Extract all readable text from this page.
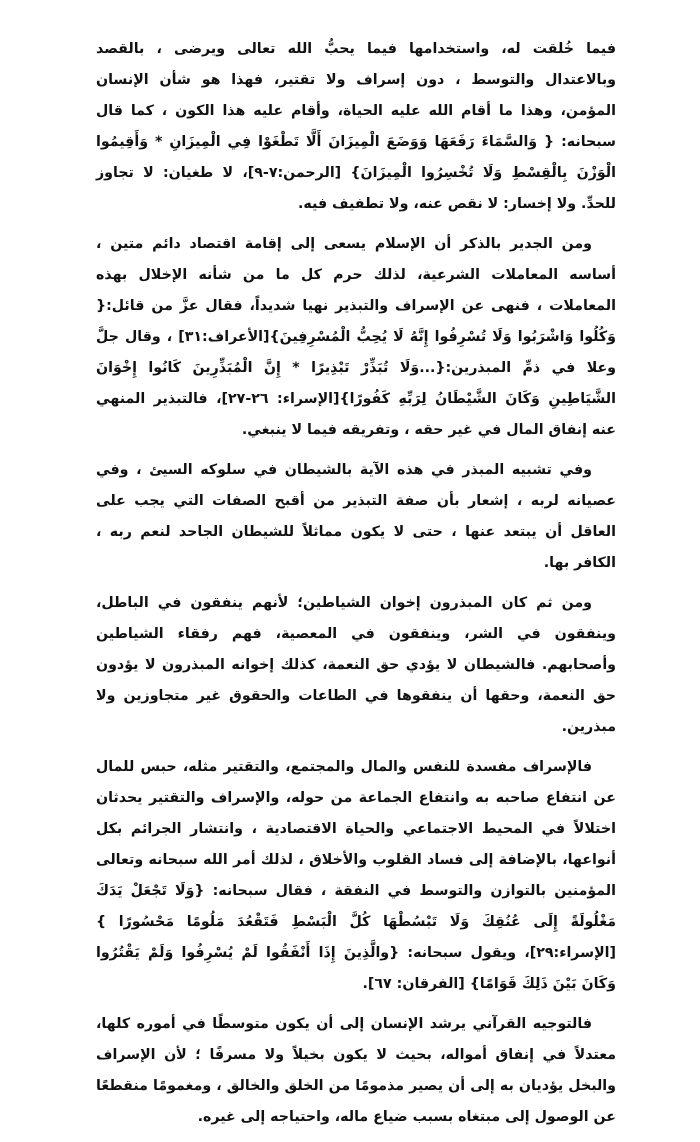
فيما خُلقت له، واستخدامها فيما يحبُّ الله تعالى ويرضى ، بالقصد وبالاعتدال والتوسط ، دون إسراف ولا تقتير، فهذا هو شأن الإنسان المؤمن، وهذا ما أقام الله عليه الحياة، وأقام عليه هذا الكون ، كما قال سبحانه: { وَالسَّمَاءَ رَفَعَهَا وَوَضَعَ الْمِيزَانَ أَلَّا تَطْغَوْا فِي الْمِيزَانِ * وَأَقِيمُوا الْوَزْنَ بِالْقِسْطِ وَلَا تُخْسِرُوا الْمِيزَانَ} [الرحمن:٧-٩]، لا طغيان: لا تجاوز للحدِّ. ولا إخسار: لا نقص عنه، ولا تطفيف فيه.

ومن الجدير بالذكر أن الإسلام يسعى إلى إقامة اقتصاد دائم متين ، أساسه المعاملات الشرعية، لذلك حرم كل ما من شأنه الإخلال بهذه المعاملات ، فنهى عن الإسراف والتبذير نهيا شديداً، فقال عزَّ من قائل:{ وَكُلُوا وَاشْرَبُوا وَلَا تُسْرِفُوا إِنَّهُ لَا يُحِبُّ الْمُسْرِفِينَ}[الأعراف:٣١] ، وقال جلَّ وعلا في ذمِّ المبذرين:{...وَلَا تُبَذِّرْ تَبْذِيرًا * إِنَّ الْمُبَذِّرِينَ كَانُوا إِخْوَانَ الشَّيَاطِينِ وَكَانَ الشَّيْطَانُ لِرَبِّهِ كَفُورًا}[الإسراء: ٢٦-٢٧]، فالتبذير المنهي عنه إنفاق المال في غير حقه ، وتفريقه فيما لا ينبغي.

وفي تشبيه المبذر في هذه الآية بالشيطان في سلوكه السيئ ، وفي عصيانه لربه ، إشعار بأن صفة التبذير من أقبح الصفات التي يجب على العاقل أن يبتعد عنها ، حتى لا يكون مماثلاً للشيطان الجاحد لنعم ربه ، الكافر بها.

ومن ثم كان المبذرون إخوان الشياطين؛ لأنهم ينفقون في الباطل، وينفقون في الشر، وينفقون في المعصية، فهم رفقاء الشياطين وأصحابهم. فالشيطان لا يؤدي حق النعمة، كذلك إخوانه المبذرون لا يؤدون حق النعمة، وحقها أن ينفقوها في الطاعات والحقوق غير متجاوزين ولا مبذرين.

فالإسراف مفسدة للنفس والمال والمجتمع، والتقتير مثله، حبس للمال عن انتفاع صاحبه به وانتفاع الجماعة من حوله، والإسراف والتقتير يحدثان اختلالاً في المحيط الاجتماعي والحياة الاقتصادية ، وانتشار الجرائم بكل أنواعها، بالإضافة إلى فساد القلوب والأخلاق ، لذلك أمر الله سبحانه وتعالى المؤمنين بالتوازن والتوسط في النفقة ، فقال سبحانه: {وَلَا تَجْعَلْ يَدَكَ مَغْلُولَةً إِلَى عُنُقِكَ وَلَا تَبْسُطْهَا كُلَّ الْبَسْطِ فَتَقْعُدَ مَلُومًا مَحْسُورًا } [الإسراء:٢٩]، ويقول سبحانه: {والَّذِينَ إِذَا أَنْفَقُوا لَمْ يُسْرِفُوا وَلَمْ يَقْتُرُوا وَكَانَ بَيْنَ ذَلِكَ قَوَامًا} [الفرقان: ٦٧].

فالتوجيه القرآني يرشد الإنسان إلى أن يكون متوسطًا في أموره كلها، معتدلاً في إنفاق أمواله، بحيث لا يكون بخيلاً ولا مسرفًا ؛ لأن الإسراف والبخل يؤديان به إلى أن يصير مذمومًا من الخلق والخالق ، ومغمومًا منقطعًا عن الوصول إلى مبتغاه بسبب ضياع ماله، واحتياجه إلى غيره.
